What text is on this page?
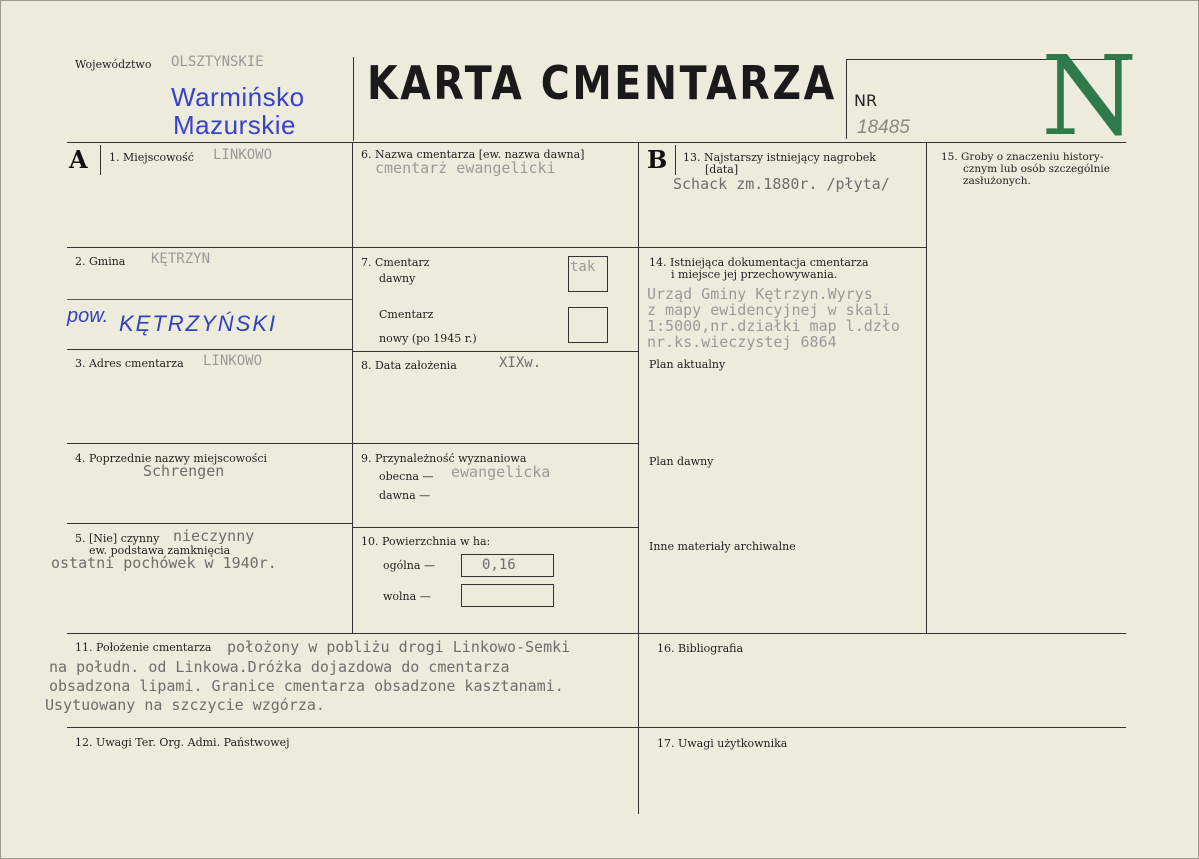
Województwo OLSZTYNSKIE
Warmińsko
Mazurskie
KARTA CMENTARZA NR
18485 N
A 1. Miejscowość LINKOWO
2. Gmina KĘTRZYN
pow. KĘTRZYŃSKI
3. Adres cmentarza LINKOWO
4. Poprzednie nazwy miejscowości
Schrengen
5. [Nie] czynny nieczynny
ew. podstawa zamknięcia
ostatni pochówek w 1940r.
6. Nazwa cmentarza [ew. nazwa dawna]
cmentarż ewangelicki
7. Cmentarz
dawny
tak
Cmentarz
nowy (po 1945 r.)
8. Data założenia	XIXw.
9. Przynależność wyznaniowa
obecna — ewangelicka
dawna —
10. Powierzchnia w ha:
ogólna —	0,16
wolna —
B 13. Najstarszy istniejący nagrobek
[data]
Schack zm.1880r. /płyta/
14. Istniejąca dokumentacja cmentarza
i miejsce jej przechowywania.
Urząd Gminy Kętrzyn.Wyrys
z mapy ewidencyjnej w skali
1:5000,nr.działki map l.dzło
nr.ks.wieczystej 6864
Plan aktualny
Plan dawny
Inne materiały archiwalne
15. Groby o znaczeniu history-
cznym lub osób szczególnie
zasłużonych.
11. Położenie cmentarza położony w pobliżu drogi Linkowo-Semki
na połudn. od Linkowa.Dróżka dojazdowa do cmentarza
obsadzona lipami. Granice cmentarza obsadzone kasztanami.
Usytuowany na szczycie wzgórza.
16. Bibliografia
12. Uwagi Ter. Org. Admi. Państwowej	17. Uwagi użytkownika
